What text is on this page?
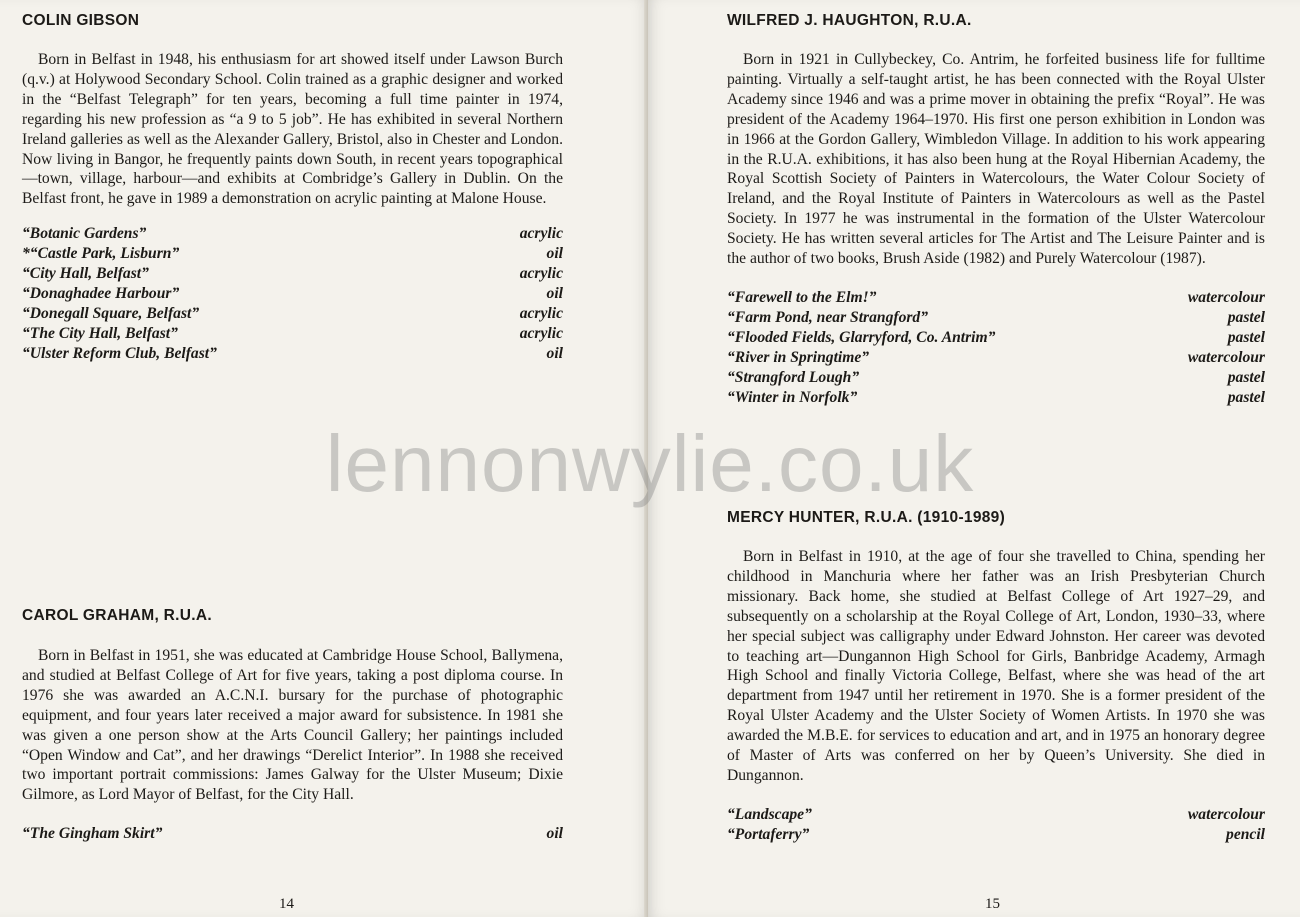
COLIN GIBSON

Born in Belfast in 1948, his enthusiasm for art showed itself under Lawson Burch (q.v.) at Holywood Secondary School. Colin trained as a graphic designer and worked in the “Belfast Telegraph” for ten years, becoming a full time painter in 1974, regarding his new profession as “a 9 to 5 job”. He has exhibited in several Northern Ireland galleries as well as the Alexander Gallery, Bristol, also in Chester and London. Now living in Bangor, he frequently paints down South, in recent years topographical—town, village, harbour—and exhibits at Combridge’s Gallery in Dublin. On the Belfast front, he gave in 1989 a demonstration on acrylic painting at Malone House.

“Botanic Gardens”	acrylic
*“Castle Park, Lisburn”	oil
“City Hall, Belfast”	acrylic
“Donaghadee Harbour”	oil
“Donegall Square, Belfast”	acrylic
“The City Hall, Belfast”	acrylic
“Ulster Reform Club, Belfast”	oil
CAROL GRAHAM, R.U.A.

Born in Belfast in 1951, she was educated at Cambridge House School, Ballymena, and studied at Belfast College of Art for five years, taking a post diploma course. In 1976 she was awarded an A.C.N.I. bursary for the purchase of photographic equipment, and four years later received a major award for subsistence. In 1981 she was given a one person show at the Arts Council Gallery; her paintings included “Open Window and Cat”, and her drawings “Derelict Interior”. In 1988 she received two important portrait commissions: James Galway for the Ulster Museum; Dixie Gilmore, as Lord Mayor of Belfast, for the City Hall.

“The Gingham Skirt”	oil
14
WILFRED J. HAUGHTON, R.U.A.

Born in 1921 in Cullybeckey, Co. Antrim, he forfeited business life for fulltime painting. Virtually a self-taught artist, he has been connected with the Royal Ulster Academy since 1946 and was a prime mover in obtaining the prefix “Royal”. He was president of the Academy 1964–1970. His first one person exhibition in London was in 1966 at the Gordon Gallery, Wimbledon Village. In addition to his work appearing in the R.U.A. exhibitions, it has also been hung at the Royal Hibernian Academy, the Royal Scottish Society of Painters in Watercolours, the Water Colour Society of Ireland, and the Royal Institute of Painters in Watercolours as well as the Pastel Society. In 1977 he was instrumental in the formation of the Ulster Watercolour Society. He has written several articles for The Artist and The Leisure Painter and is the author of two books, Brush Aside (1982) and Purely Watercolour (1987).

“Farewell to the Elm!”	watercolour
“Farm Pond, near Strangford”	pastel
“Flooded Fields, Glarryford, Co. Antrim”	pastel
“River in Springtime”	watercolour
“Strangford Lough”	pastel
“Winter in Norfolk”	pastel
MERCY HUNTER, R.U.A. (1910-1989)

Born in Belfast in 1910, at the age of four she travelled to China, spending her childhood in Manchuria where her father was an Irish Presbyterian Church missionary. Back home, she studied at Belfast College of Art 1927–29, and subsequently on a scholarship at the Royal College of Art, London, 1930–33, where her special subject was calligraphy under Edward Johnston. Her career was devoted to teaching art—Dungannon High School for Girls, Banbridge Academy, Armagh High School and finally Victoria College, Belfast, where she was head of the art department from 1947 until her retirement in 1970. She is a former president of the Royal Ulster Academy and the Ulster Society of Women Artists. In 1970 she was awarded the M.B.E. for services to education and art, and in 1975 an honorary degree of Master of Arts was conferred on her by Queen’s University. She died in Dungannon.

“Landscape”	watercolour
“Portaferry”	pencil
15
lennonwylie.co.uk
